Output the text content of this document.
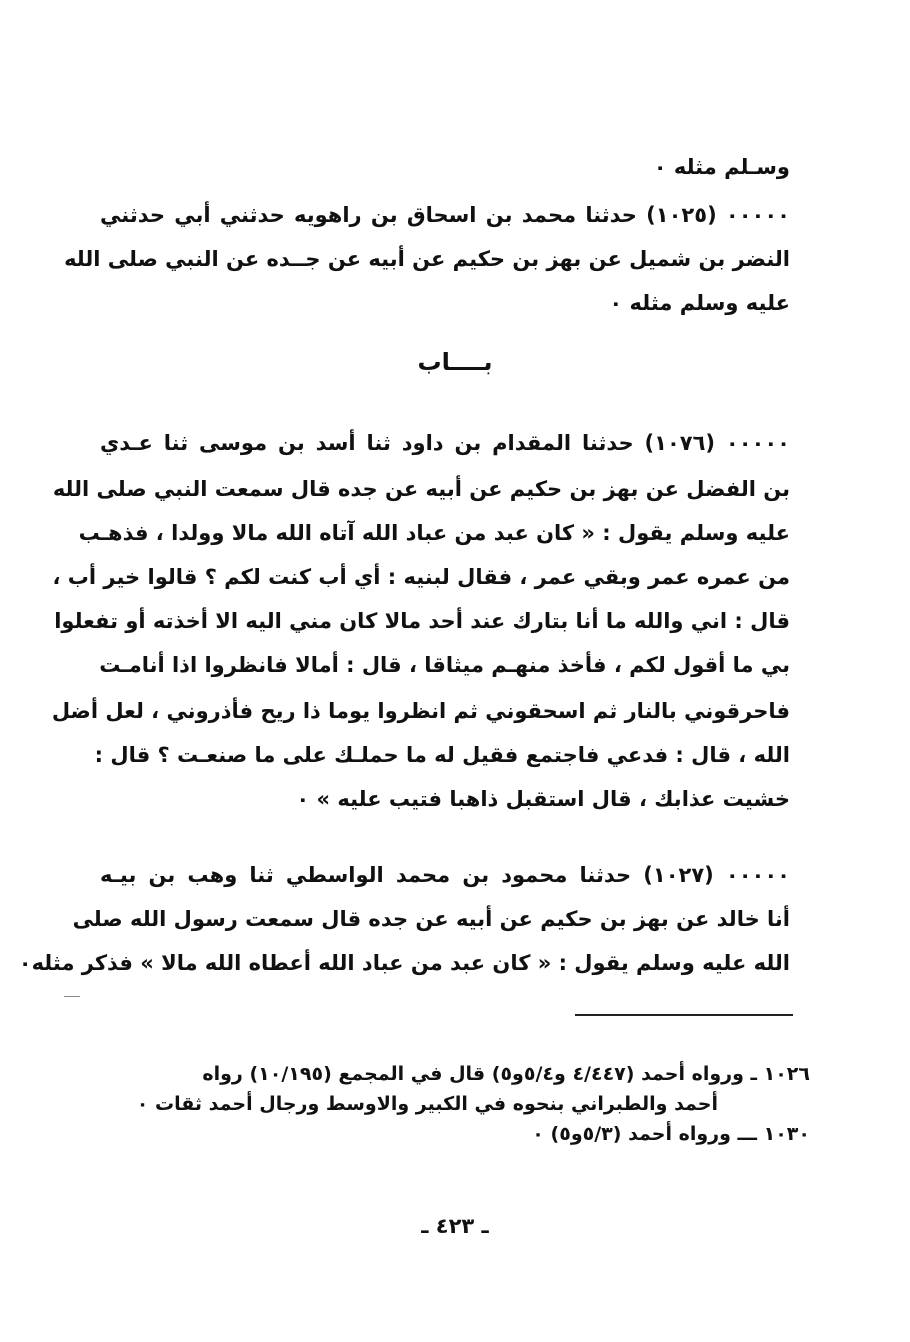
وسـلم مثله ٠
٠٠٠٠٠ (١٠٢٥) حدثنا محمد بن اسحاق بن راهويه حدثني أبي حدثني
النضر بن شميل عن بهز بن حكيم عن أبيه عن جــده عن النبي صلى الله
عليه وسلم مثله ٠
بــــاب
٠٠٠٠٠ (١٠٧٦) حدثنا المقدام بن داود ثنا أسد بن موسى ثنا عـدي
بن الفضل عن بهز بن حكيم عن أبيه عن جده قال سمعت النبي صلى الله
عليه وسلم يقول : « كان عبد من عباد الله آتاه الله مالا وولدا ، فذهـب
من عمره عمر وبقي عمر ، فقال لبنيه : أي أب كنت لكم ؟ قالوا خير أب ،
قال : اني والله ما أنا بتارك عند أحد مالا كان مني اليه الا أخذته أو تفعلوا
بي ما أقول لكم ، فأخذ منهـم ميثاقا ، قال : أمالا فانظروا اذا أنامـت
فاحرقوني بالنار ثم اسحقوني ثم انظروا يوما ذا ريح فأذروني ، لعل أضل
الله ، قال : فدعي فاجتمع فقيل له ما حملـك على ما صنعـت ؟ قال :
خشيت عذابك ، قال استقبل ذاهبا فتيب عليه » ٠
٠٠٠٠٠ (١٠٢٧) حدثنا محمود بن محمد الواسطي ثنا وهب بن بيـه
أنا خالد عن بهز بن حكيم عن أبيه عن جده قال سمعت رسول الله صلى
الله عليه وسلم يقول : « كان عبد من عباد الله أعطاه الله مالا » فذكر مثله٠
١٠٢٦ ـ ورواه أحمد (٤/٤٤٧ و٥/٤و٥) قال في المجمع (١٠/١٩٥) رواه
أحمد والطبراني بنحوه في الكبير والاوسط ورجال أحمد ثقات ٠
١٠٣٠ ـــ ورواه أحمد (٥/٣و٥) ٠
ـ ٤٢٣ ـ
